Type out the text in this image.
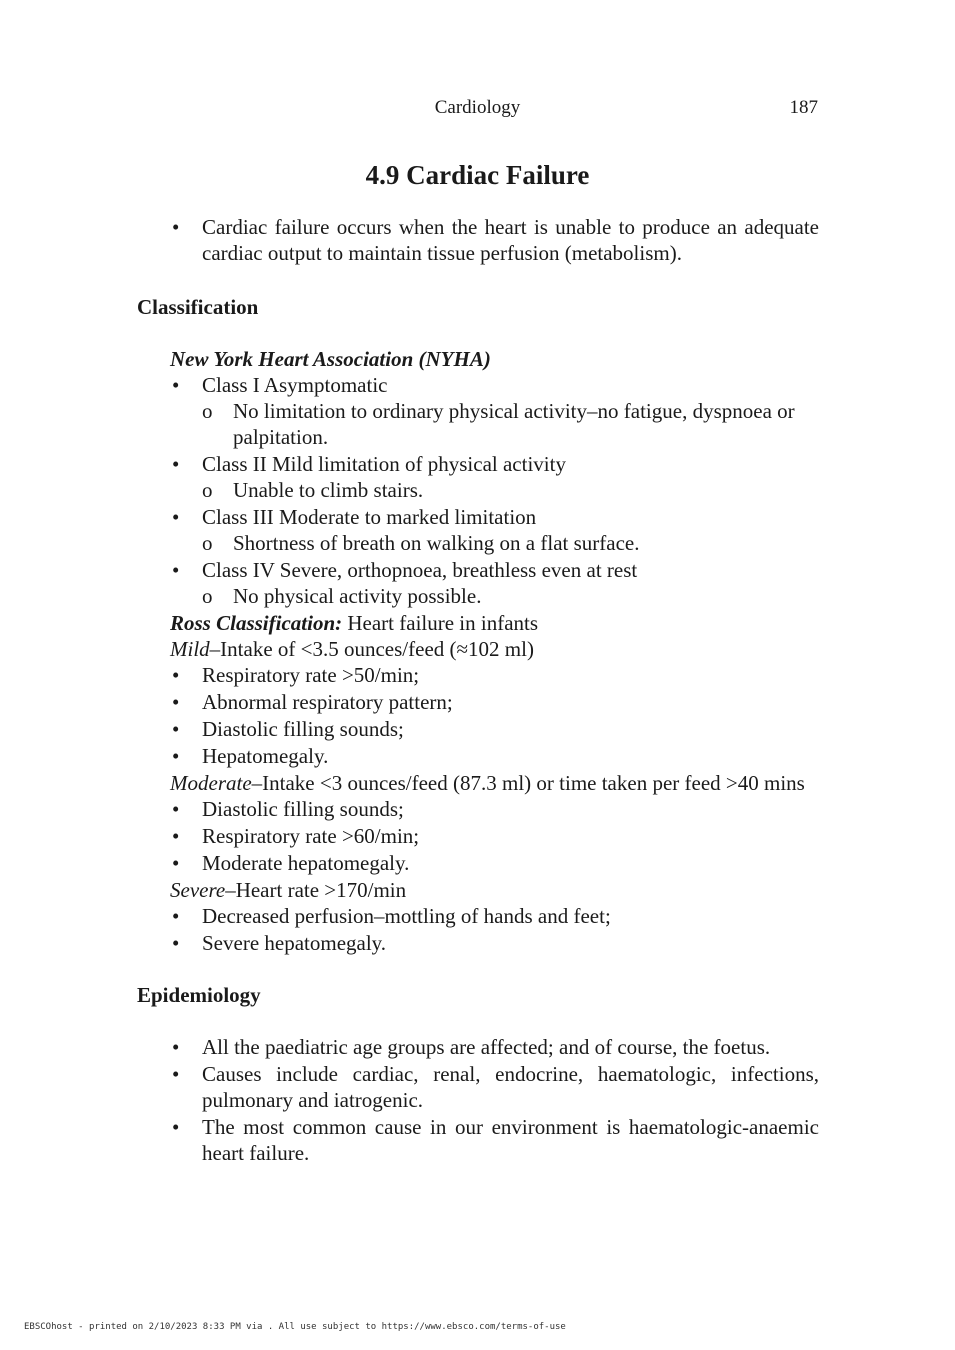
Cardiology	187
4.9 Cardiac Failure
• Cardiac failure occurs when the heart is unable to produce an adequate cardiac output to maintain tissue perfusion (metabolism).

Classification

New York Heart Association (NYHA)

• Class I Asymptomatic
o No limitation to ordinary physical activity–no fatigue, dyspnoea or palpitation.
• Class II Mild limitation of physical activity
o Unable to climb stairs.
• Class III Moderate to marked limitation
o Shortness of breath on walking on a flat surface.
• Class IV Severe, orthopnoea, breathless even at rest
o No physical activity possible.

Ross Classification: Heart failure in infants

Mild–Intake of <3.5 ounces/feed (≈102 ml)

• Respiratory rate >50/min;
• Abnormal respiratory pattern;
• Diastolic filling sounds;
• Hepatomegaly.

Moderate–Intake <3 ounces/feed (87.3 ml) or time taken per feed >40 mins

• Diastolic filling sounds;
• Respiratory rate >60/min;
• Moderate hepatomegaly.

Severe–Heart rate >170/min

• Decreased perfusion–mottling of hands and feet;
• Severe hepatomegaly.

Epidemiology

• All the paediatric age groups are affected; and of course, the foetus.
• Causes include cardiac, renal, endocrine, haematologic, infections, pulmonary and iatrogenic.
• The most common cause in our environment is haematologic-anaemic heart failure.
EBSCOhost - printed on 2/10/2023 8:33 PM via . All use subject to https://www.ebsco.com/terms-of-use
